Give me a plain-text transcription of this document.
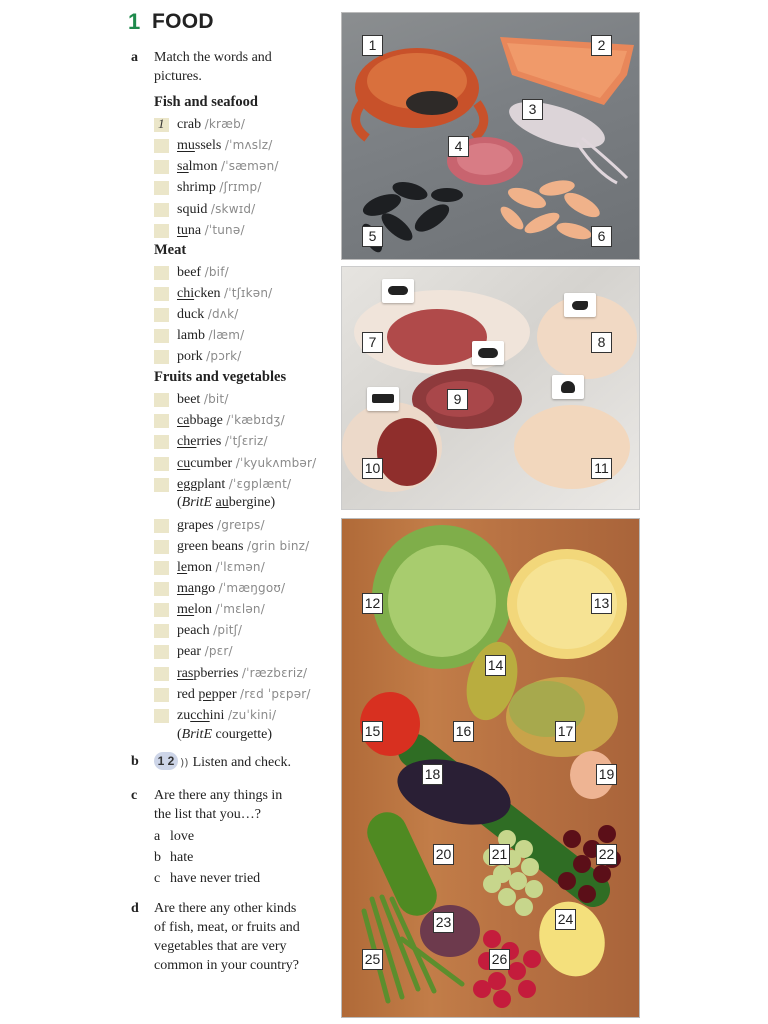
1 FOOD
a Match the words and
pictures.
Fish and seafood
1 crab /kræb/
mussels /ˈmʌslz/
salmon /ˈsæmən/
shrimp /ʃrɪmp/
squid /skwɪd/
tuna /ˈtunə/
Meat
beef /bif/
chicken /ˈtʃɪkən/
duck /dʌk/
lamb /læm/
pork /pɔrk/
Fruits and vegetables
beet /bit/
cabbage /ˈkæbɪdʒ/
cherries /ˈtʃɛriz/
cucumber /ˈkyukʌmbər/
eggplant /ˈɛgplænt/
grapes /greɪps/
green beans /grin binz/
lemon /ˈlɛmən/
mango /ˈmæŋgoʊ/
melon /ˈmɛlən/
peach /pitʃ/
pear /pɛr/
raspberries /ˈræzbɛriz/
red pepper /rɛd ˈpɛpər/
zucchini /zuˈkini/
(BritE aubergine)
(BritE courgette)
b	1 2 )) Listen and check.
c Are there any things in
the list that you…?
a love
b hate
c have never tried
d Are there any other kinds
of fish, meat, or fruits and
vegetables that are very
common in your country?
1	2
3
4
5	6
7	8
9
10	11
12	13
14
15	16	17
18	19
20	21	22
23	24
25	26
